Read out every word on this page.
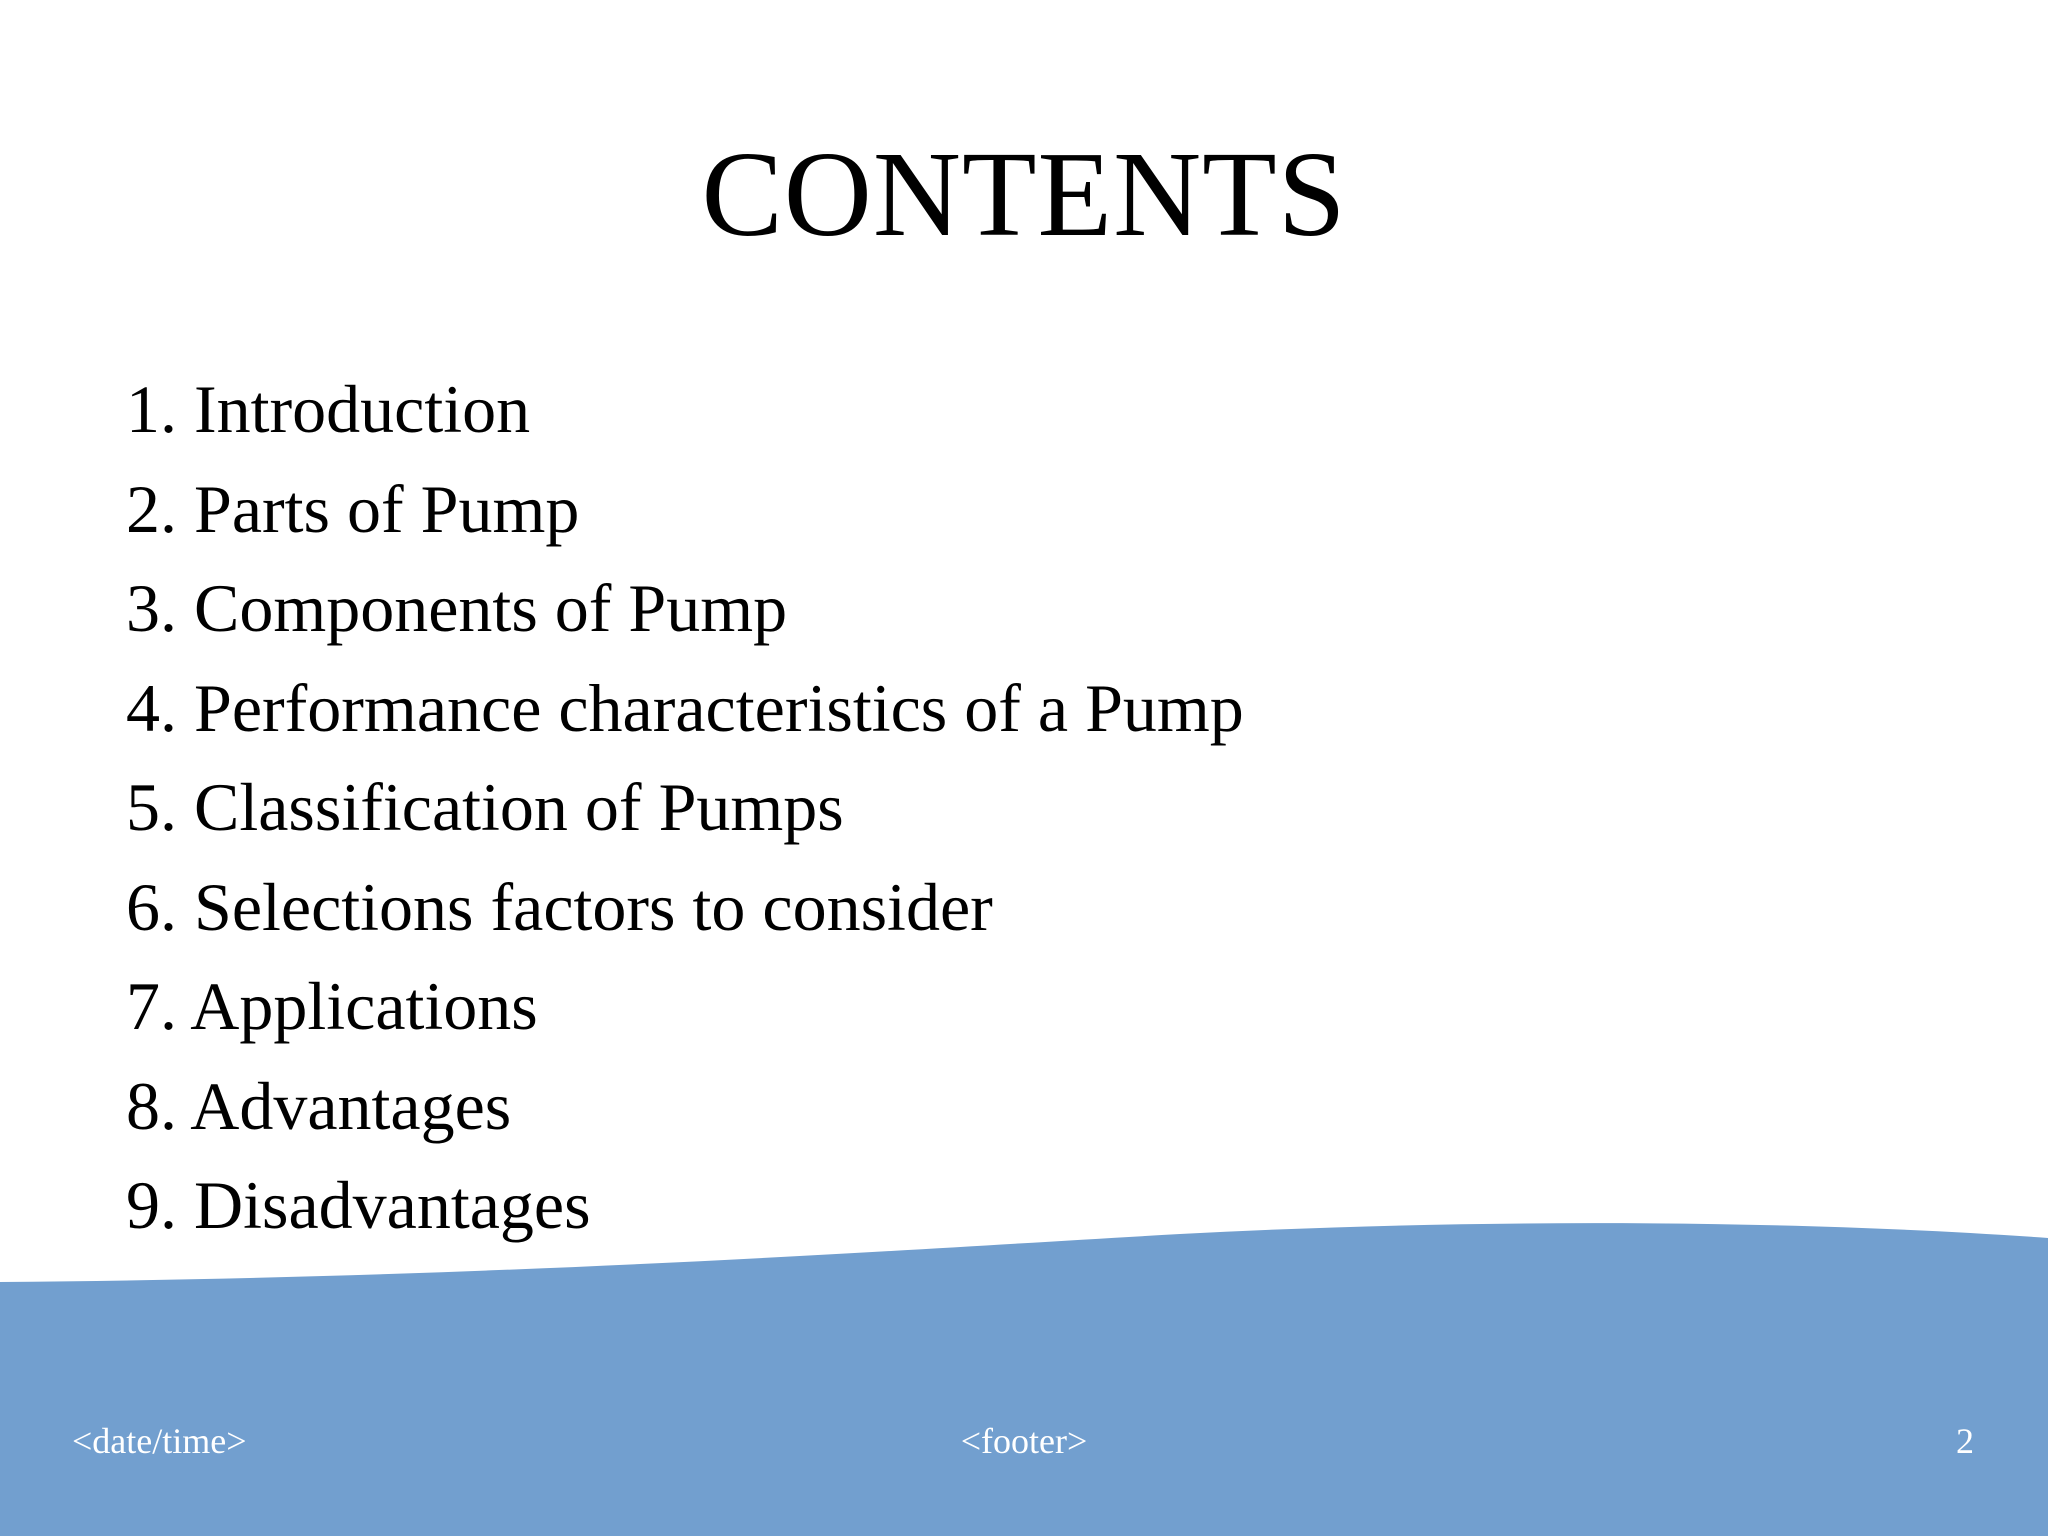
CONTENTS
1. Introduction
2. Parts of Pump
3. Components of Pump
4. Performance characteristics of a Pump
5. Classification of Pumps
6. Selections factors to consider
7. Applications
8. Advantages
9. Disadvantages
<date/time>	<footer>	2
